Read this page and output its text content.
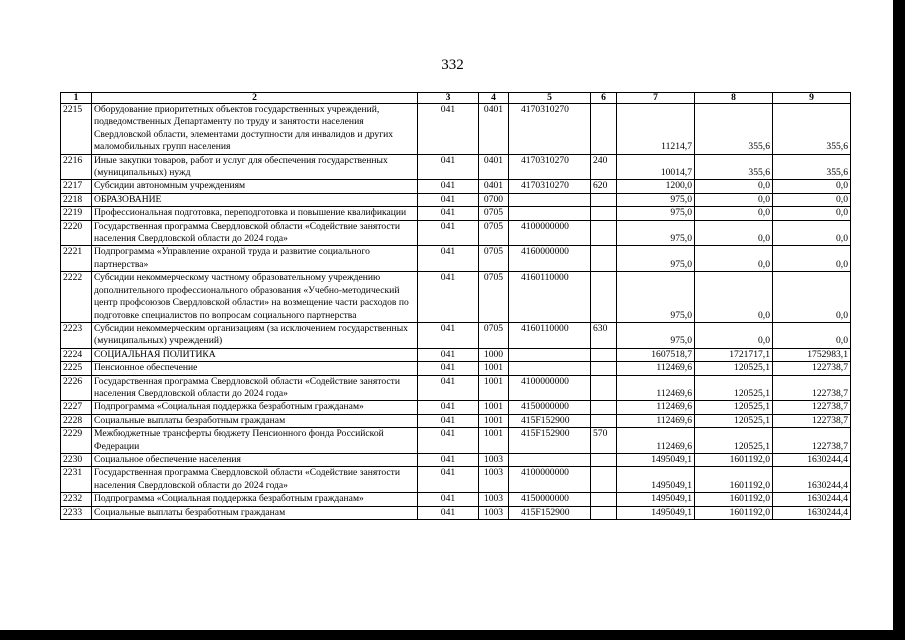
332
1	2	3	4	5	6	7	8	9
2215	Оборудование приоритетных объектов государственных учреждений, подведомственных Департаменту по труду и занятости населения Свердловской области, элементами доступности для инвалидов и других маломобильных групп населения	041	0401	4170310270		11214,7	355,6	355,6
2216	Иные закупки товаров, работ и услуг для обеспечения государственных (муниципальных) нужд	041	0401	4170310270	240	10014,7	355,6	355,6
2217	Субсидии автономным учреждениям	041	0401	4170310270	620	1200,0	0,0	0,0
2218	ОБРАЗОВАНИЕ	041	0700			975,0	0,0	0,0
2219	Профессиональная подготовка, переподготовка и повышение квалификации	041	0705			975,0	0,0	0,0
2220	Государственная программа Свердловской области «Содействие занятости населения Свердловской области до 2024 года»	041	0705	4100000000		975,0	0,0	0,0
2221	Подпрограмма «Управление охраной труда и развитие социального партнерства»	041	0705	4160000000		975,0	0,0	0,0
2222	Субсидии некоммерческому частному образовательному учреждению дополнительного профессионального образования «Учебно-методический центр профсоюзов Свердловской области» на возмещение части расходов по подготовке специалистов по вопросам социального партнерства	041	0705	4160110000		975,0	0,0	0,0
2223	Субсидии некоммерческим организациям (за исключением государственных (муниципальных) учреждений)	041	0705	4160110000	630	975,0	0,0	0,0
2224	СОЦИАЛЬНАЯ ПОЛИТИКА	041	1000			1607518,7	1721717,1	1752983,1
2225	Пенсионное обеспечение	041	1001			112469,6	120525,1	122738,7
2226	Государственная программа Свердловской области «Содействие занятости населения Свердловской области до 2024 года»	041	1001	4100000000		112469,6	120525,1	122738,7
2227	Подпрограмма «Социальная поддержка безработным гражданам»	041	1001	4150000000		112469,6	120525,1	122738,7
2228	Социальные выплаты безработным гражданам	041	1001	415F152900		112469,6	120525,1	122738,7
2229	Межбюджетные трансферты бюджету Пенсионного фонда Российской Федерации	041	1001	415F152900	570	112469,6	120525,1	122738,7
2230	Социальное обеспечение населения	041	1003			1495049,1	1601192,0	1630244,4
2231	Государственная программа Свердловской области «Содействие занятости населения Свердловской области до 2024 года»	041	1003	4100000000		1495049,1	1601192,0	1630244,4
2232	Подпрограмма «Социальная поддержка безработным гражданам»	041	1003	4150000000		1495049,1	1601192,0	1630244,4
2233	Социальные выплаты безработным гражданам	041	1003	415F152900		1495049,1	1601192,0	1630244,4
